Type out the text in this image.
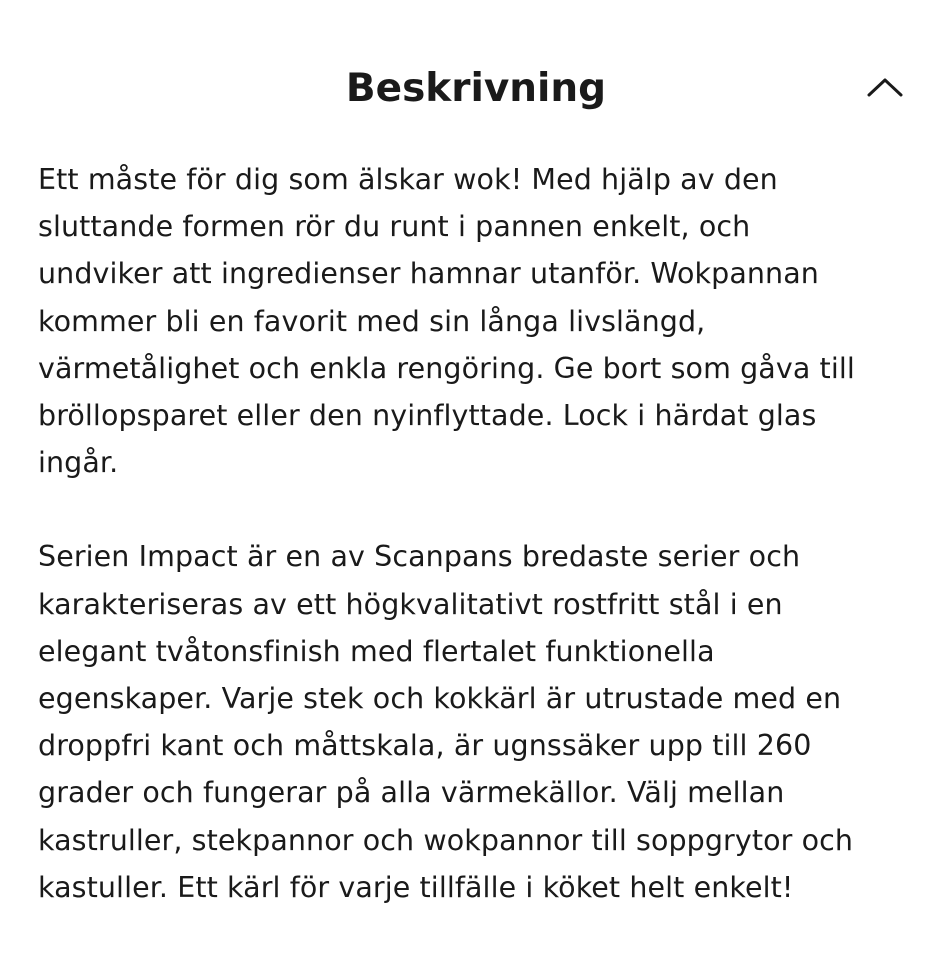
Beskrivning

Ett måste för dig som älskar wok! Med hjälp av den
sluttande formen rör du runt i pannen enkelt, och
undviker att ingredienser hamnar utanför. Wokpannan
kommer bli en favorit med sin långa livslängd,
värmetålighet och enkla rengöring. Ge bort som gåva till
bröllopsparet eller den nyinflyttade. Lock i härdat glas
ingår.

Serien Impact är en av Scanpans bredaste serier och
karakteriseras av ett högkvalitativt rostfritt stål i en
elegant tvåtonsfinish med flertalet funktionella
egenskaper. Varje stek och kokkärl är utrustade med en
droppfri kant och måttskala, är ugnssäker upp till 260
grader och fungerar på alla värmekällor. Välj mellan
kastruller, stekpannor och wokpannor till soppgrytor och
kastuller. Ett kärl för varje tillfälle i köket helt enkelt!
